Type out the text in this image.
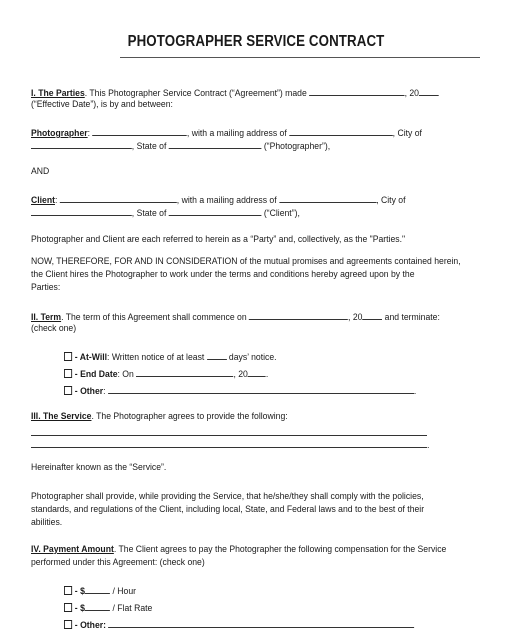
PHOTOGRAPHER SERVICE CONTRACT
I. The Parties. This Photographer Service Contract (“Agreement”) made	, 20
(“Effective Date”), is by and between:
Photographer:	, with a mailing address of	, City of
, State of	(“Photographer”),
AND
Client:	, with a mailing address of	, City of
, State of	(“Client”),
Photographer and Client are each referred to herein as a “Party” and, collectively, as the "Parties."
NOW, THEREFORE, FOR AND IN CONSIDERATION of the mutual promises and agreements contained herein,
the Client hires the Photographer to work under the terms and conditions hereby agreed upon by the
Parties:
II. Term. The term of this Agreement shall commence on	, 20 and terminate:
(check one)
- At-Will: Written notice of at least	days’ notice.
- End Date: On	, 20 .
- Other:	.
III. The Service. The Photographer agrees to provide the following:
.
Hereinafter known as the “Service”.
Photographer shall provide, while providing the Service, that he/she/they shall comply with the policies,
standards, and regulations of the Client, including local, State, and Federal laws and to the best of their
abilities.
IV. Payment Amount. The Client agrees to pay the Photographer the following compensation for the Service
performed under this Agreement: (check one)
- $	/ Hour
- $	/ Flat Rate
- Other:
